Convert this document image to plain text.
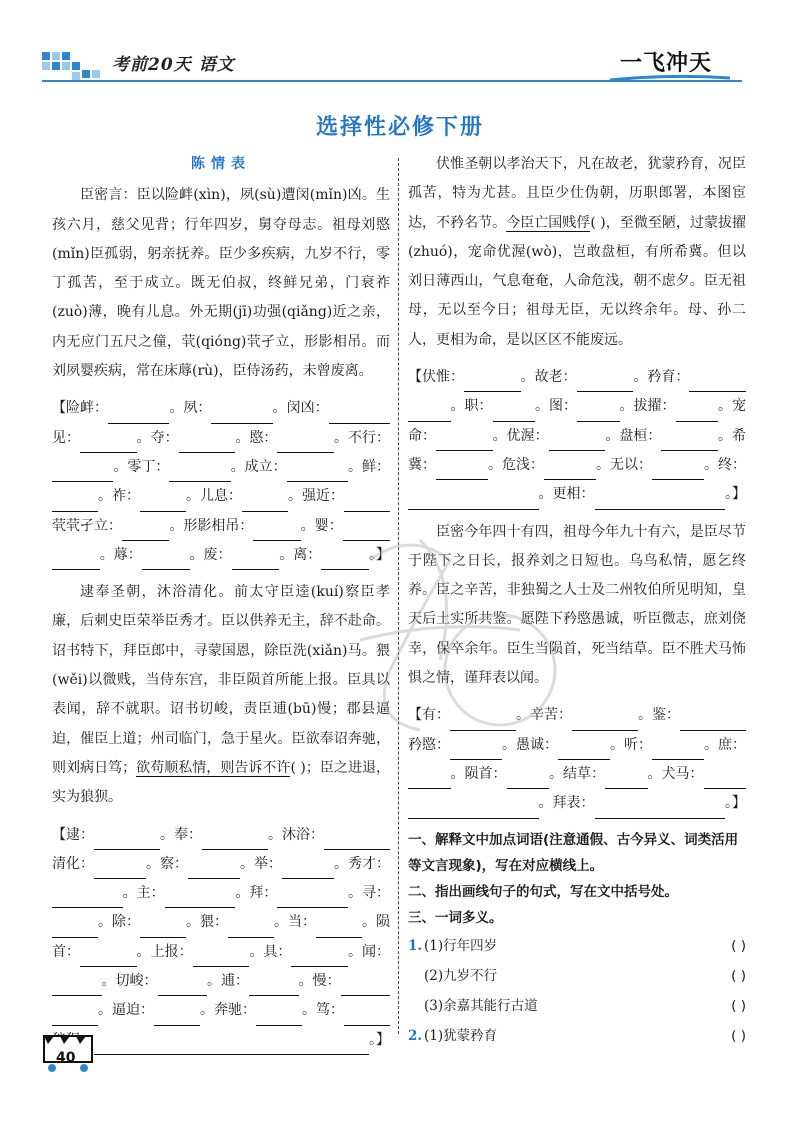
考前20天 语文	一飞冲天
选择性必修下册
陈情表

臣密言：臣以险衅(xìn)，夙(sù)遭闵(mǐn)凶。生孩六月，慈父见背；行年四岁，舅夺母志。祖母刘愍(mǐn)臣孤弱，躬亲抚养。臣少多疾病，九岁不行，零丁孤苦，至于成立。既无伯叔，终鲜兄弟，门衰祚(zuò)薄，晚有儿息。外无期(jī)功强(qiǎng)近之亲，内无应门五尺之僮，茕(qióng)茕孑立，形影相吊。而刘夙婴疾病，常在床蓐(rù)，臣侍汤药，未曾废离。

【险衅：	。夙：	。闵凶：
见：	。夺：	。愍：	。不行：
。零丁：	。成立：	。鲜：
。祚：	。儿息：	。强近：
茕茕孑立：	。形影相吊：	。婴：
。蓐：	。废：	。离：	。】

逮奉圣朝，沐浴清化。前太守臣逵(kuí)察臣孝廉，后刺史臣荣举臣秀才。臣以供养无主，辞不赴命。诏书特下，拜臣郎中，寻蒙国恩，除臣洗(xiǎn)马。猥(wěi)以微贱，当侍东宫，非臣陨首所能上报。臣具以表闻，辞不就职。诏书切峻，责臣逋(bū)慢；郡县逼迫，催臣上道；州司临门，急于星火。臣欲奉诏奔驰，则刘病日笃；欲苟顺私情，则告诉不许( )；臣之进退，实为狼狈。

【逮：	。奉：	。沐浴：
清化：	。察：	。举：	。秀才：
。主：	。拜：	。寻：
。除：	。猥：	。当：	。陨
首：	。上报：	。具：	。闻：
。切峻：	。逋：	。慢：
。逼迫：	。奔驰：	。笃：
。】

伏惟圣朝以孝治天下，凡在故老，犹蒙矜育，况臣孤苦，特为尤甚。且臣少仕伪朝，历职郎署，本图宦达，不矜名节。今臣亡国贱俘( )，至微至陋，过蒙拔擢(zhuó)，宠命优渥(wò)，岂敢盘桓，有所希冀。但以刘日薄西山，气息奄奄，人命危浅，朝不虑夕。臣无祖母，无以至今日；祖母无臣，无以终余年。母、孙二人，更相为命，是以区区不能废远。

【伏惟：	。故老：	。矜育：
。职：	。图：	。拔擢：	。宠
命：	。优渥：	。盘桓：	。希
冀：	。危浅：	。无以：	。终：
。更相：	。】

臣密今年四十有四，祖母今年九十有六，是臣尽节于陛下之日长，报养刘之日短也。乌鸟私情，愿乞终养。臣之辛苦，非独蜀之人士及二州牧伯所见明知，皇天后土实所共鉴。愿陛下矜愍愚诚，听臣微志，庶刘侥幸，保卒余年。臣生当陨首，死当结草。臣不胜犬马怖惧之情，谨拜表以闻。

【有：	。辛苦：	。鉴：
矜愍：	。愚诚：	。听：	。庶：
。陨首：	。结草：	。犬马：
。拜表：	。】
一、解释文中加点词语(注意通假、古今异义、词类活用等文言现象)，写在对应横线上。
二、指出画线句子的句式，写在文中括号处。
三、一词多义。
1. (1)行年四岁	( )
(2)九岁不行	( )
(3)余嘉其能行古道	( )
2. (1)犹蒙矜育	( )
40
